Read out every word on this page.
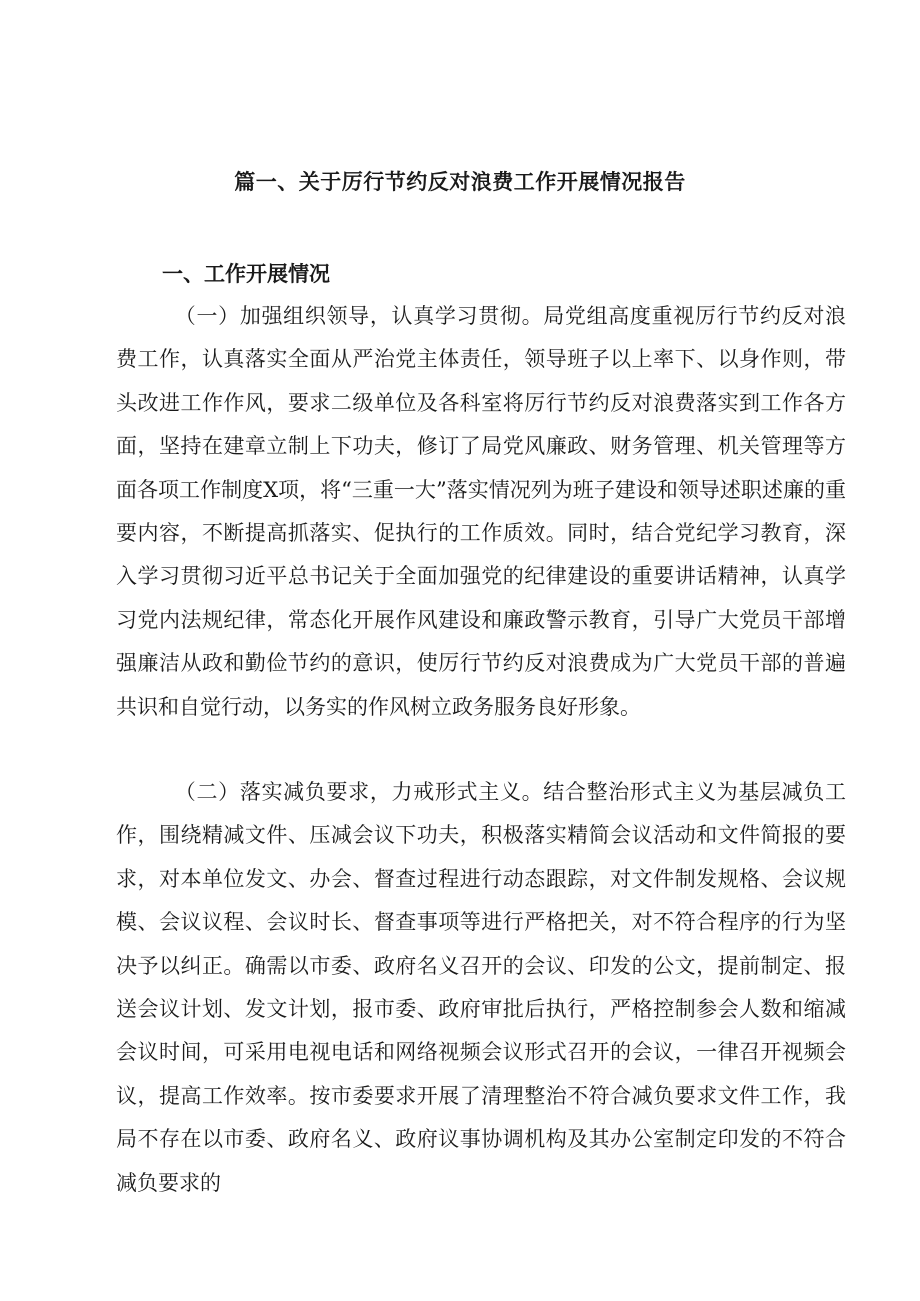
篇一、关于厉行节约反对浪费工作开展情况报告
一、工作开展情况

（一）加强组织领导，认真学习贯彻。局党组高度重视厉行节约反对浪费工作，认真落实全面从严治党主体责任，领导班子以上率下、以身作则，带头改进工作作风，要求二级单位及各科室将厉行节约反对浪费落实到工作各方面，坚持在建章立制上下功夫，修订了局党风廉政、财务管理、机关管理等方面各项工作制度X项，将“三重一大”落实情况列为班子建设和领导述职述廉的重要内容，不断提高抓落实、促执行的工作质效。同时，结合党纪学习教育，深入学习贯彻习近平总书记关于全面加强党的纪律建设的重要讲话精神，认真学习党内法规纪律，常态化开展作风建设和廉政警示教育，引导广大党员干部增强廉洁从政和勤俭节约的意识，使厉行节约反对浪费成为广大党员干部的普遍共识和自觉行动，以务实的作风树立政务服务良好形象。

（二）落实减负要求，力戒形式主义。结合整治形式主义为基层减负工作，围绕精减文件、压减会议下功夫，积极落实精简会议活动和文件简报的要求，对本单位发文、办会、督查过程进行动态跟踪，对文件制发规格、会议规模、会议议程、会议时长、督查事项等进行严格把关，对不符合程序的行为坚决予以纠正。确需以市委、政府名义召开的会议、印发的公文，提前制定、报送会议计划、发文计划，报市委、政府审批后执行，严格控制参会人数和缩减会议时间，可采用电视电话和网络视频会议形式召开的会议，一律召开视频会议，提高工作效率。按市委要求开展了清理整治不符合减负要求文件工作，我局不存在以市委、政府名义、政府议事协调机构及其办公室制定印发的不符合减负要求的
